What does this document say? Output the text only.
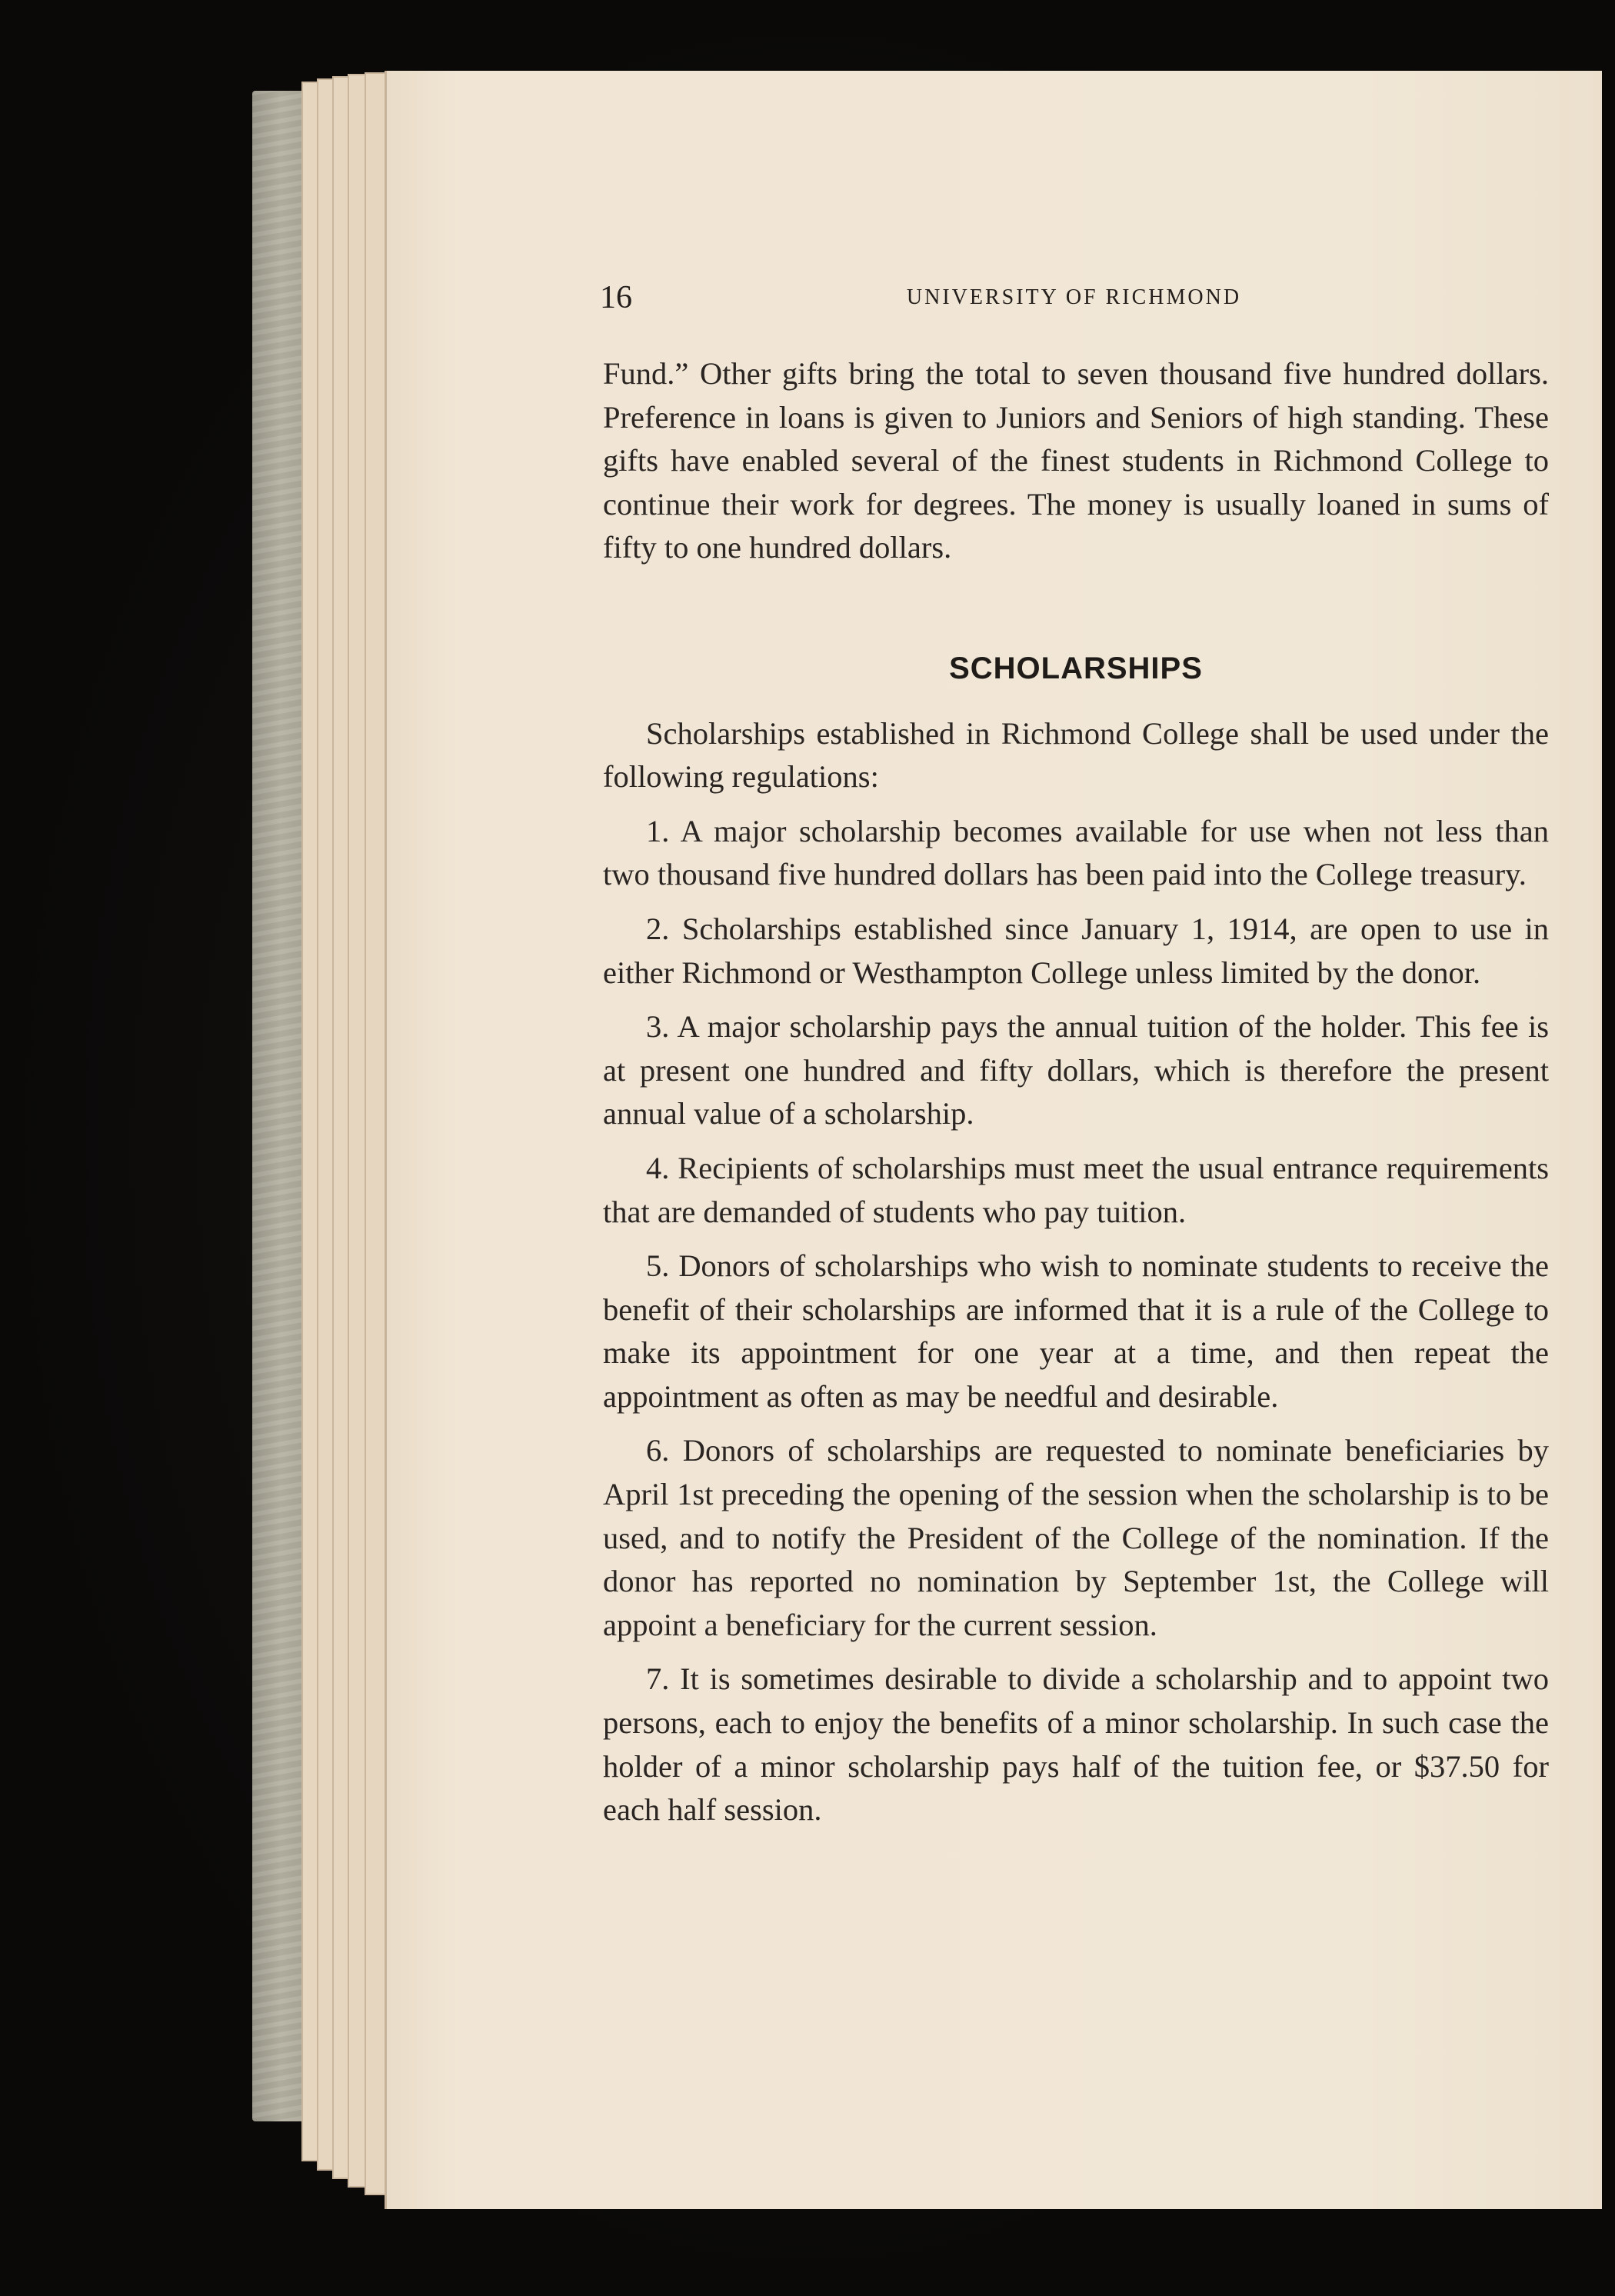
16	UNIVERSITY OF RICHMOND

Fund.” Other gifts bring the total to seven thousand five hundred dollars. Preference in loans is given to Juniors and Seniors of high standing. These gifts have enabled several of the finest students in Richmond College to continue their work for degrees. The money is usually loaned in sums of fifty to one hundred dollars.

SCHOLARSHIPS

Scholarships established in Richmond College shall be used under the following regulations:

1. A major scholarship becomes available for use when not less than two thousand five hundred dollars has been paid into the College treasury.

2. Scholarships established since January 1, 1914, are open to use in either Richmond or Westhampton College unless limited by the donor.

3. A major scholarship pays the annual tuition of the holder. This fee is at present one hundred and fifty dollars, which is therefore the present annual value of a scholarship.

4. Recipients of scholarships must meet the usual entrance requirements that are demanded of students who pay tuition.

5. Donors of scholarships who wish to nominate students to receive the benefit of their scholarships are informed that it is a rule of the College to make its appointment for one year at a time, and then repeat the appointment as often as may be needful and desirable.

6. Donors of scholarships are requested to nominate beneficiaries by April 1st preceding the opening of the session when the scholarship is to be used, and to notify the President of the College of the nomination. If the donor has reported no nomination by September 1st, the College will appoint a beneficiary for the current session.

7. It is sometimes desirable to divide a scholarship and to appoint two persons, each to enjoy the benefits of a minor scholarship. In such case the holder of a minor scholarship pays half of the tuition fee, or $37.50 for each half session.
